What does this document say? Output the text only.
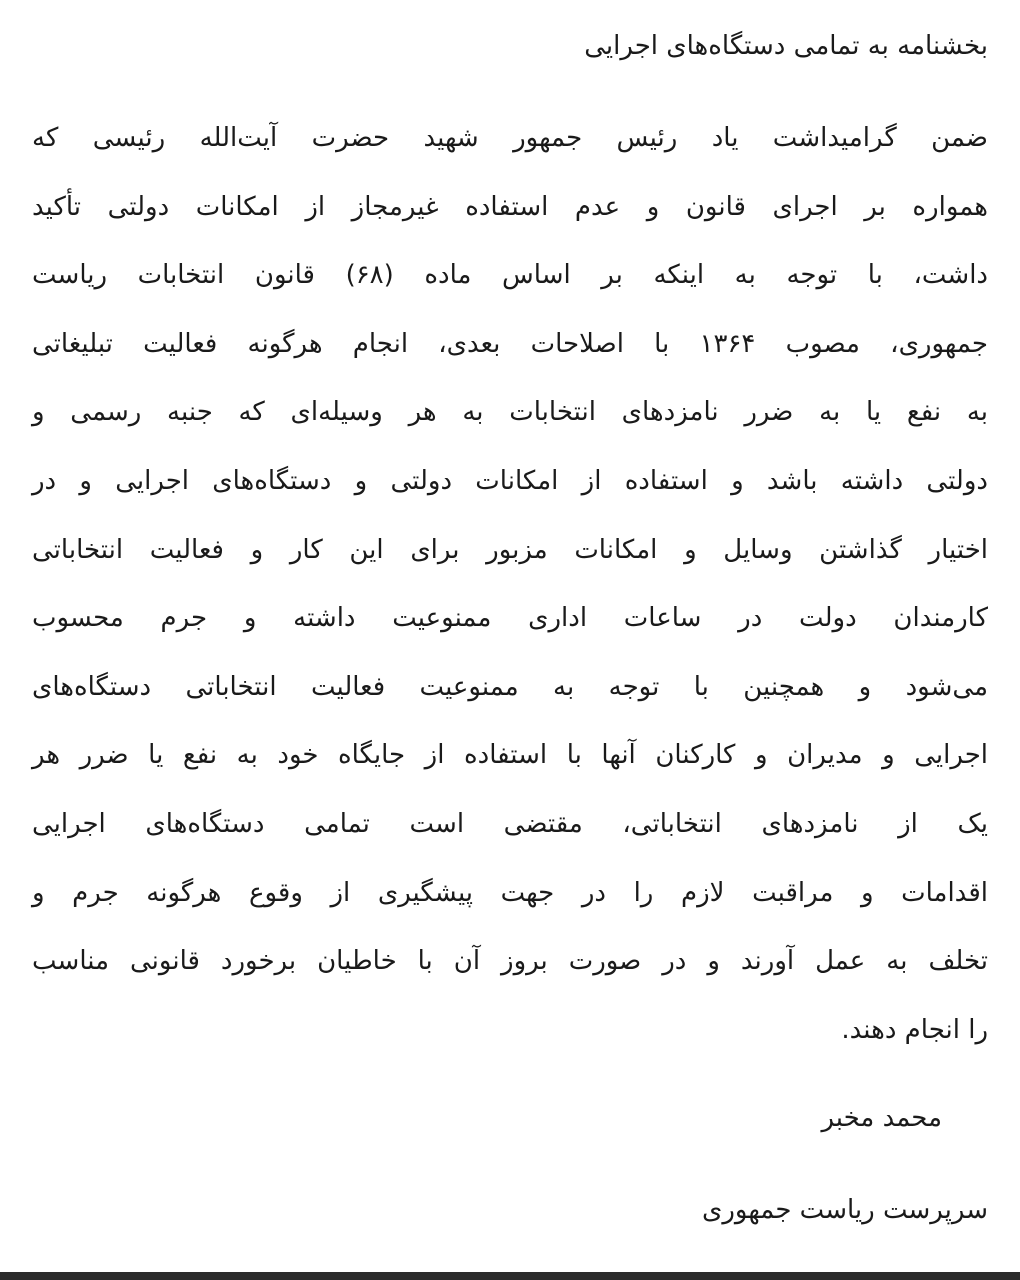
بخشنامه به تمامی دستگاه‌های اجرایی
ضمن گرامیداشت یاد رئیس جمهور شهید حضرت آیت‌الله رئیسی که
همواره بر اجرای قانون و عدم استفاده غیرمجاز از امکانات دولتی تأکید
داشت، با توجه به اینکه بر اساس ماده (۶۸) قانون انتخابات ریاست
جمهوری، مصوب ۱۳۶۴ با اصلاحات بعدی، انجام هرگونه فعالیت تبلیغاتی
به نفع یا به ضرر نامزدهای انتخابات به هر وسیله‌ای که جنبه رسمی و
دولتی داشته باشد و استفاده از امکانات دولتی و دستگاه‌های اجرایی و در
اختیار گذاشتن وسایل و امکانات مزبور برای این کار و فعالیت انتخاباتی
کارمندان دولت در ساعات اداری ممنوعیت داشته و جرم محسوب
می‌شود و همچنین با توجه به ممنوعیت فعالیت انتخاباتی دستگاه‌های
اجرایی و مدیران و کارکنان آنها با استفاده از جایگاه خود به نفع یا ضرر هر
یک از نامزدهای انتخاباتی، مقتضی است تمامی دستگاه‌های اجرایی
اقدامات و مراقبت لازم را در جهت پیشگیری از وقوع هرگونه جرم و
تخلف به عمل آورند و در صورت بروز آن با خاطیان برخورد قانونی مناسب
را انجام دهند.
محمد مخبر
سرپرست ریاست جمهوری
